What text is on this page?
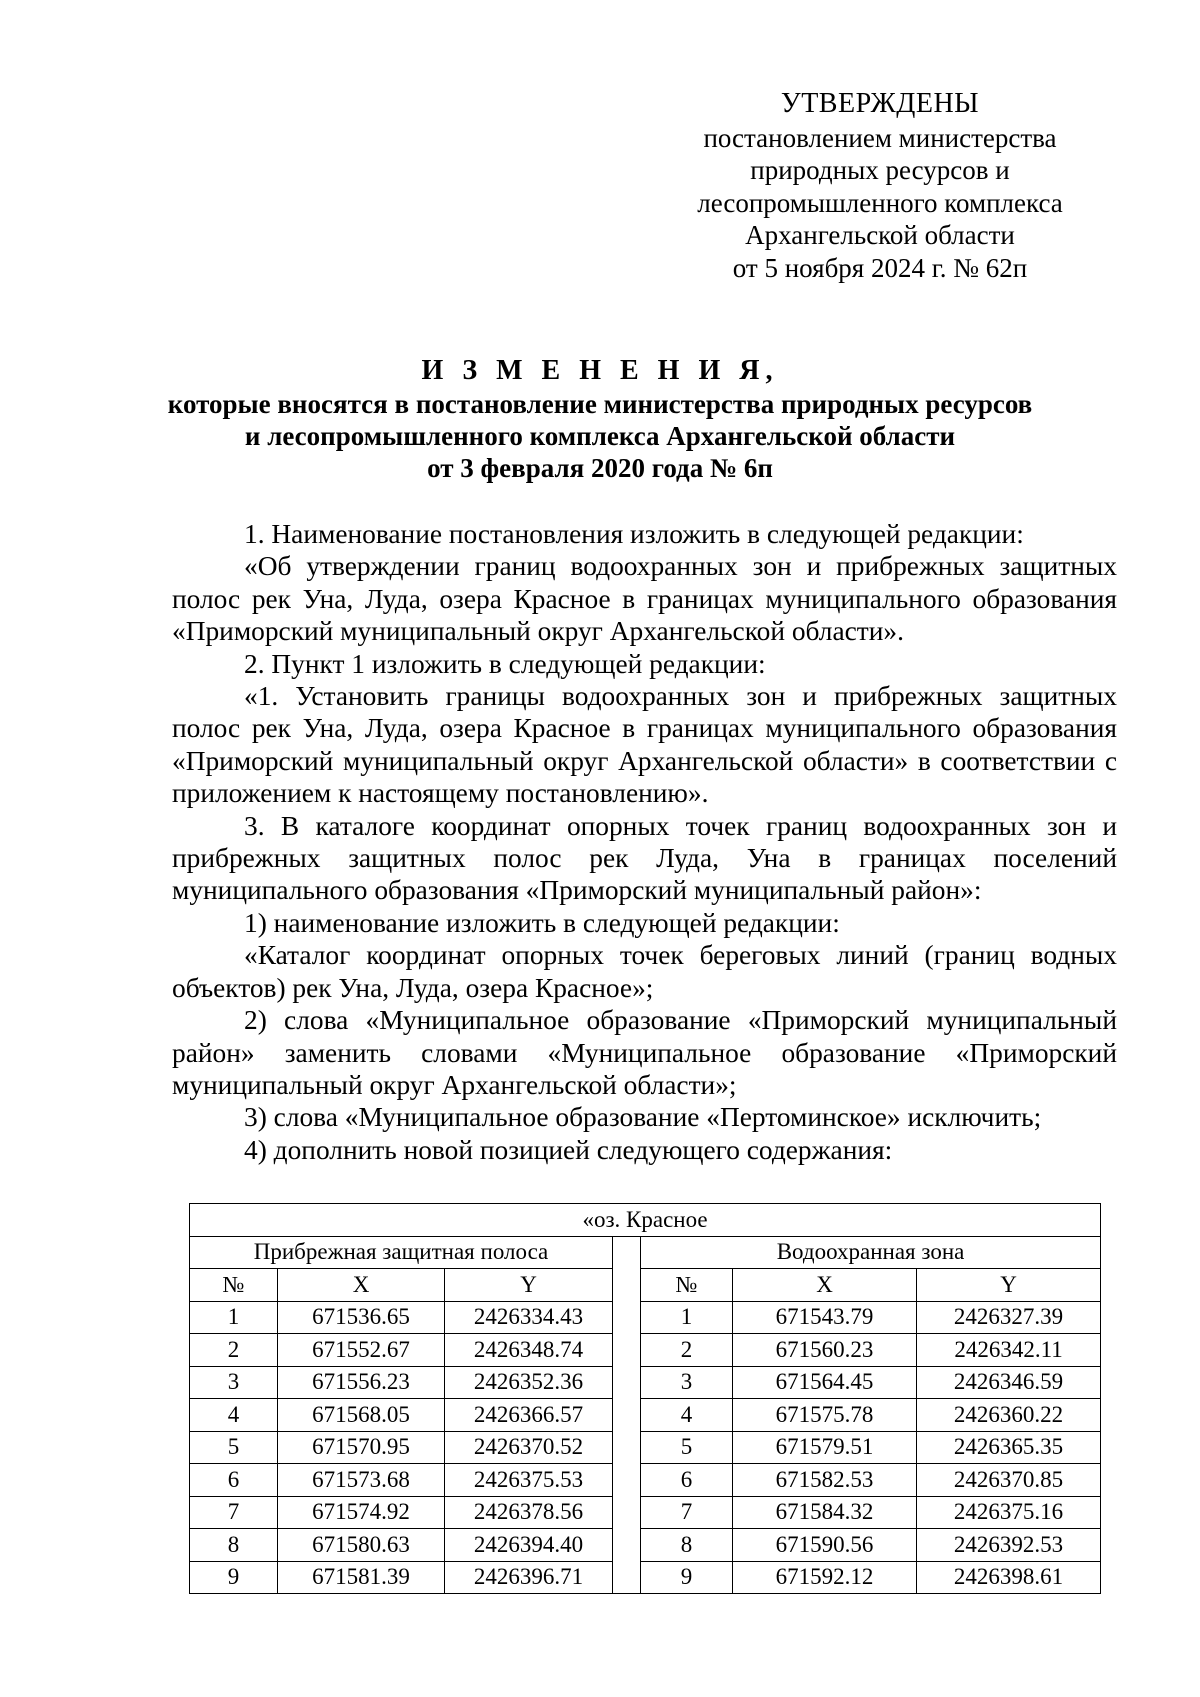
УТВЕРЖДЕНЫ
постановлением министерства
природных ресурсов и
лесопромышленного комплекса
Архангельской области
от 5 ноября 2024 г. № 62п
И З М Е Н Е Н И Я,
которые вносятся в постановление министерства природных ресурсов
и лесопромышленного комплекса Архангельской области
от 3 февраля 2020 года № 6п

1. Наименование постановления изложить в следующей редакции:

«Об утверждении границ водоохранных зон и прибрежных защитных полос рек Уна, Луда, озера Красное в границах муниципального образования «Приморский муниципальный округ Архангельской области».

2. Пункт 1 изложить в следующей редакции:

«1. Установить границы водоохранных зон и прибрежных защитных полос рек Уна, Луда, озера Красное в границах муниципального образования «Приморский муниципальный округ Архангельской области» в соответствии с приложением к настоящему постановлению».

3. В каталоге координат опорных точек границ водоохранных зон и прибрежных защитных полос рек Луда, Уна в границах поселений муниципального образования «Приморский муниципальный район»:

1) наименование изложить в следующей редакции:

«Каталог координат опорных точек береговых линий (границ водных объектов) рек Уна, Луда, озера Красное»;

2) слова «Муниципальное образование «Приморский муниципальный район» заменить словами «Муниципальное образование «Приморский муниципальный округ Архангельской области»;

3) слова «Муниципальное образование «Пертоминское» исключить;

4) дополнить новой позицией следующего содержания:

«оз. Красное						
Прибрежная защитная полоса				Водоохранная зона		
№	X	Y		№	X	Y
1	671536.65	2426334.43		1	671543.79	2426327.39
2	671552.67	2426348.74		2	671560.23	2426342.11
3	671556.23	2426352.36		3	671564.45	2426346.59
4	671568.05	2426366.57		4	671575.78	2426360.22
5	671570.95	2426370.52		5	671579.51	2426365.35
6	671573.68	2426375.53		6	671582.53	2426370.85
7	671574.92	2426378.56		7	671584.32	2426375.16
8	671580.63	2426394.40		8	671590.56	2426392.53
9	671581.39	2426396.71		9	671592.12	2426398.61
